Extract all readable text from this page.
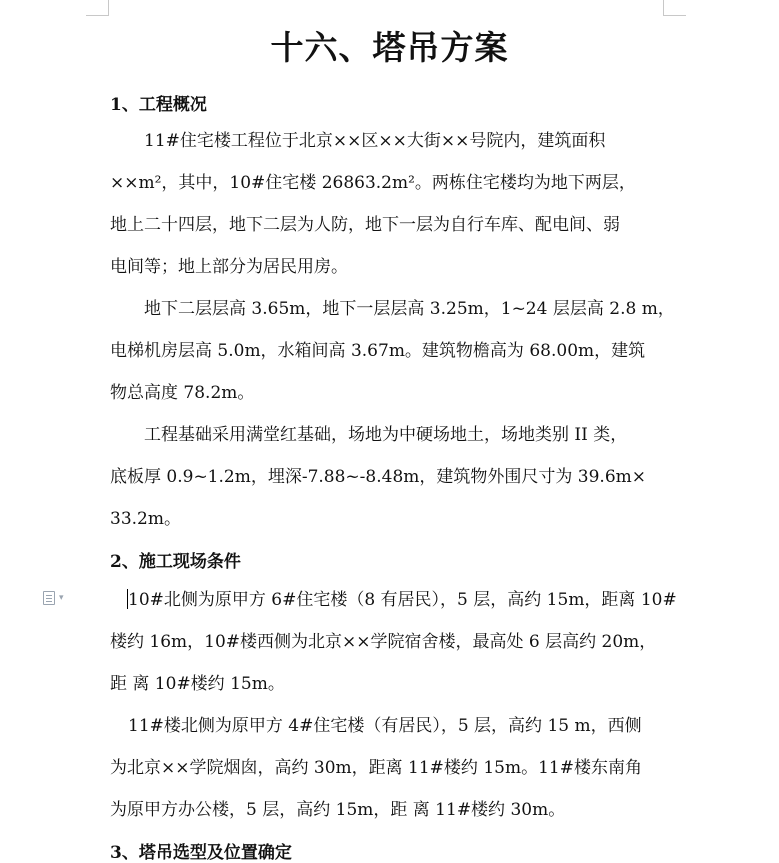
十六、塔吊方案
1、工程概况
11#住宅楼工程位于北京××区××大街××号院内，建筑面积
××m²，其中，10#住宅楼 26863.2m²。两栋住宅楼均为地下两层，
地上二十四层，地下二层为人防，地下一层为自行车库、配电间、弱
电间等；地上部分为居民用房。
地下二层层高 3.65m，地下一层层高 3.25m，1~24 层层高 2.8 m，
电梯机房层高 5.0m，水箱间高 3.67m。建筑物檐高为 68.00m，建筑
物总高度 78.2m。
工程基础采用满堂红基础，场地为中硬场地土，场地类别 II 类，
底板厚 0.9~1.2m，埋深-7.88~-8.48m，建筑物外围尺寸为 39.6m×
33.2m。
2、施工现场条件
▾	10#北侧为原甲方 6#住宅楼（8 有居民），5 层，高约 15m，距离 10#
楼约 16m，10#楼西侧为北京××学院宿舍楼，最高处 6 层高约 20m，
距 离 10#楼约 15m。
11#楼北侧为原甲方 4#住宅楼（有居民），5 层，高约 15 m，西侧
为北京××学院烟囱，高约 30m，距离 11#楼约 15m。11#楼东南角
为原甲方办公楼，5 层，高约 15m，距 离 11#楼约 30m。
3、塔吊选型及位置确定
